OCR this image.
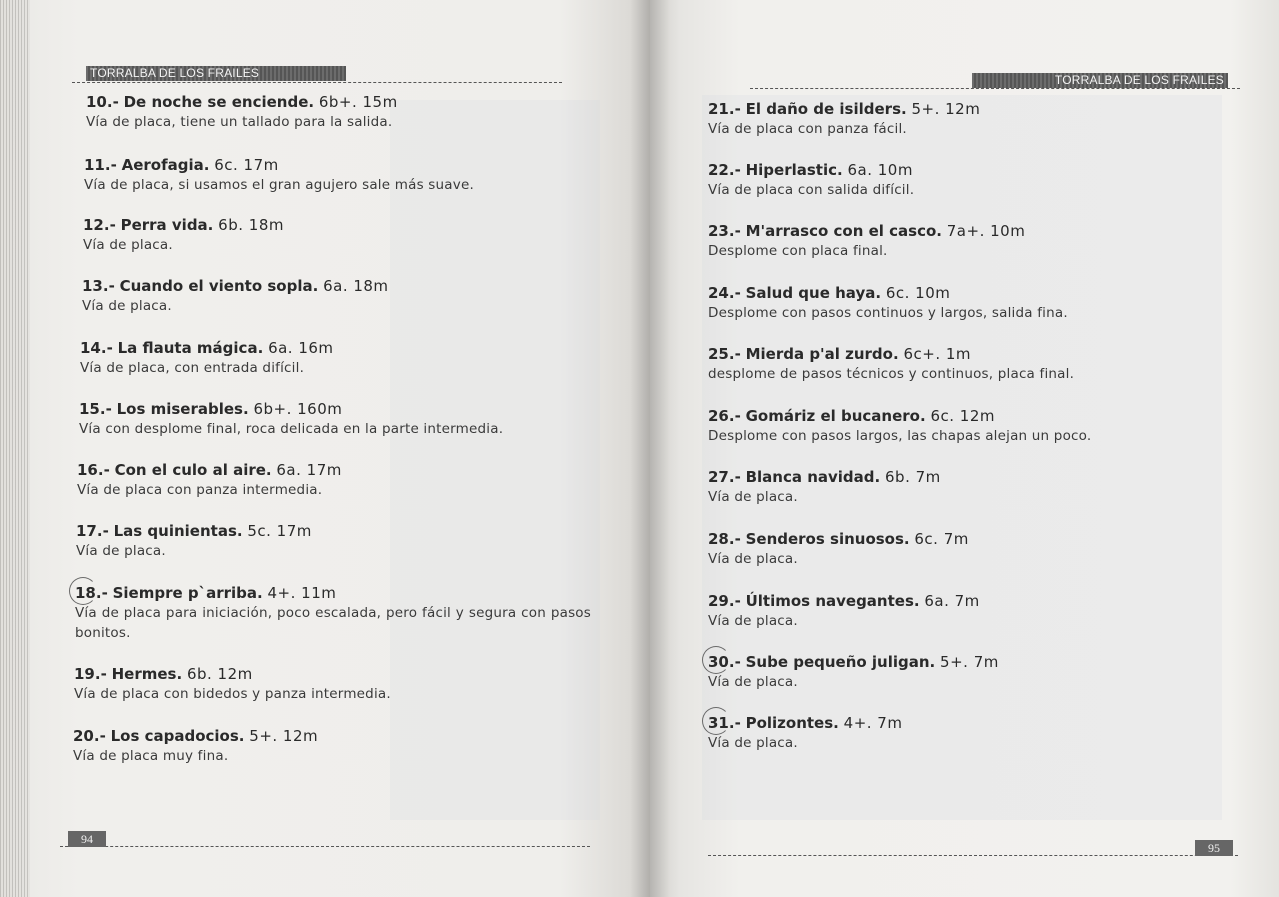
TORRALBA DE LOS FRAILES
10.- De noche se enciende. 6b+. 15m
Vía de placa, tiene un tallado para la salida.
11.- Aerofagia. 6c. 17m
Vía de placa, si usamos el gran agujero sale más suave.
12.- Perra vida. 6b. 18m
Vía de placa.
13.- Cuando el viento sopla. 6a. 18m
Vía de placa.
14.- La flauta mágica. 6a. 16m
Vía de placa, con entrada difícil.
15.- Los miserables. 6b+. 160m
Vía con desplome final, roca delicada en la parte intermedia.
16.- Con el culo al aire. 6a. 17m
Vía de placa con panza intermedia.
17.- Las quinientas. 5c. 17m
Vía de placa.
18.- Siempre p`arriba. 4+. 11m
Vía de placa para iniciación, poco escalada, pero fácil y segura con pasos bonitos.
19.- Hermes. 6b. 12m
Vía de placa con bidedos y panza intermedia.
20.- Los capadocios. 5+. 12m
Vía de placa muy fina.
94
TORRALBA DE LOS FRAILES
21.- El daño de isilders. 5+. 12m
Vía de placa con panza fácil.
22.- Hiperlastic. 6a. 10m
Vía de placa con salida difícil.
23.- M'arrasco con el casco. 7a+. 10m
Desplome con placa final.
24.- Salud que haya. 6c. 10m
Desplome con pasos continuos y largos, salida fina.
25.- Mierda p'al zurdo. 6c+. 1m
desplome de pasos técnicos y continuos, placa final.
26.- Gomáriz el bucanero. 6c. 12m
Desplome con pasos largos, las chapas alejan un poco.
27.- Blanca navidad. 6b. 7m
Vía de placa.
28.- Senderos sinuosos. 6c. 7m
Vía de placa.
29.- Últimos navegantes. 6a. 7m
Vía de placa.
30.- Sube pequeño juligan. 5+. 7m
Vía de placa.
31.- Polizontes. 4+. 7m
Vía de placa.
95
